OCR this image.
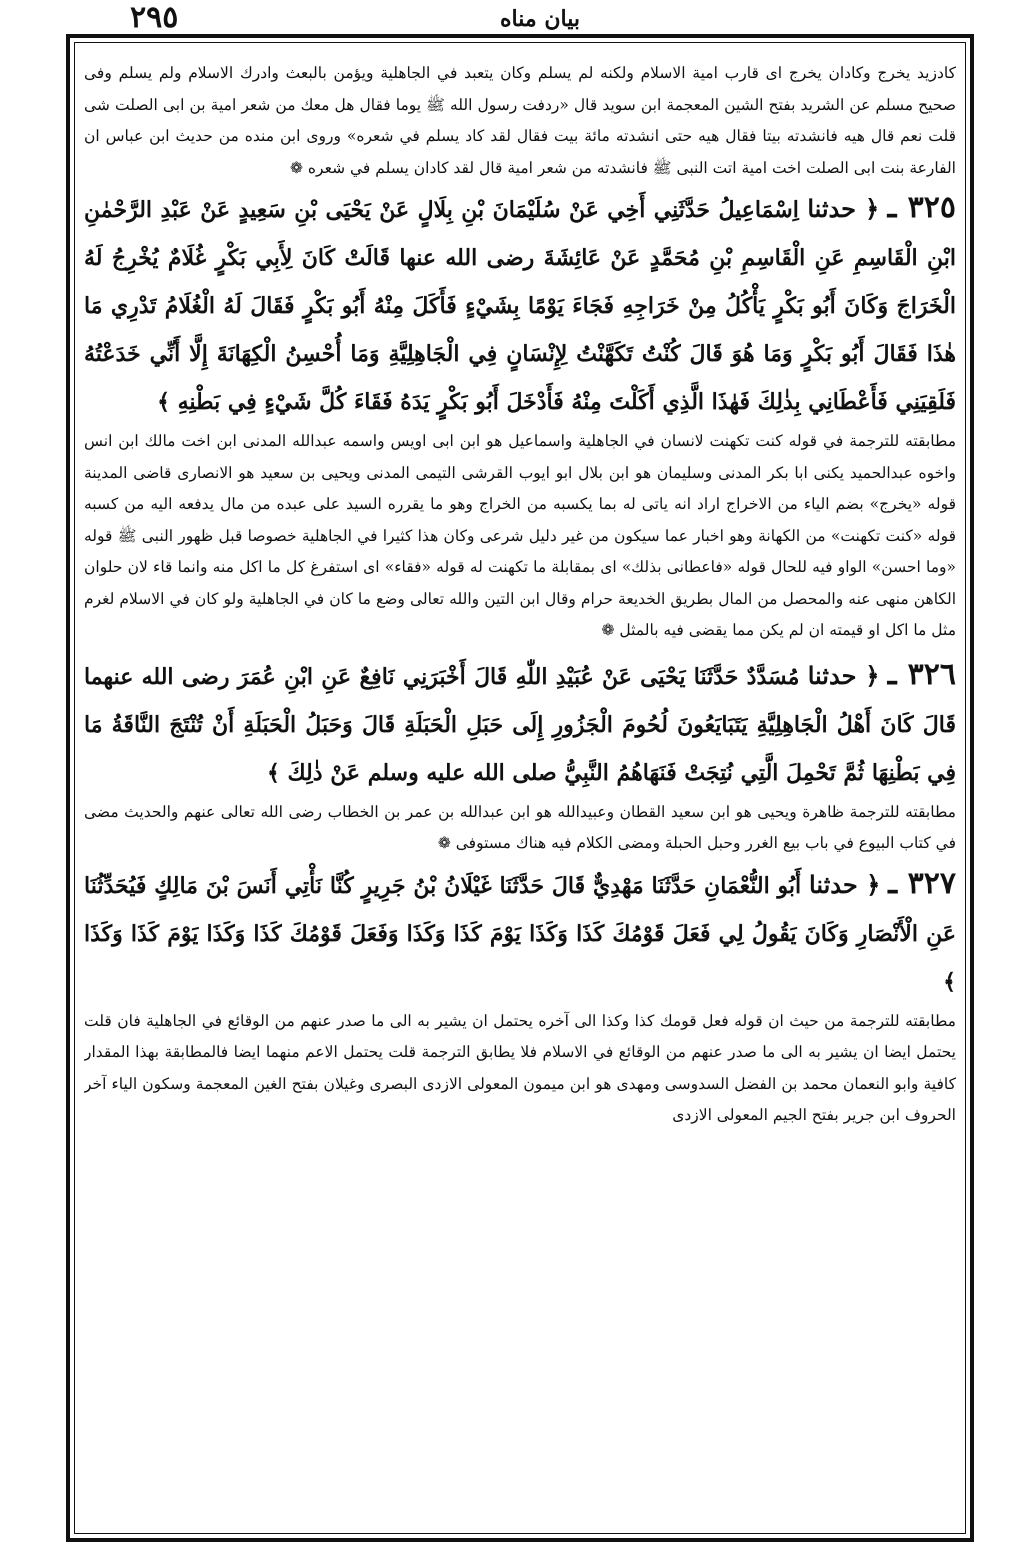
٢٩٥	بیان مناه

كادزيد يخرج وكادان يخرج اى قارب امية الاسلام ولكنه لم يسلم وكان يتعبد في الجاهلية ويؤمن بالبعث وادرك الاسلام ولم يسلم وفى صحيح مسلم عن الشريد بفتح الشين المعجمة ابن سويد قال «ردفت رسول الله ﷺ يوما فقال هل معك من شعر امية بن ابى الصلت شى قلت نعم قال هيه فانشدته بيتا فقال هيه حتى انشدته مائة بيت فقال لقد كاد يسلم في شعره» وروى ابن منده من حديث ابن عباس ان الفارعة بنت ابى الصلت اخت امية اتت النبى ﷺ فانشدته من شعر امية قال لقد كادان يسلم في شعره ❁

٣٢٥ ـ ﴿ حدثنا اِسْمَاعِيلُ حَدَّثَنِي أَخِي عَنْ سُلَيْمَانَ بْنِ بِلَالٍ عَنْ يَحْيَى بْنِ سَعِيدٍ عَنْ عَبْدِ الرَّحْمٰنِ ابْنِ الْقَاسِمِ عَنِ الْقَاسِمِ بْنِ مُحَمَّدٍ عَنْ عَائِشَةَ رضى الله عنها قَالَتْ كَانَ لِأَبِي بَكْرٍ غُلَامٌ يُخْرِجُ لَهُ الْخَرَاجَ وَكَانَ أَبُو بَكْرٍ يَأْكُلُ مِنْ خَرَاجِهِ فَجَاءَ يَوْمًا بِشَيْءٍ فَأَكَلَ مِنْهُ أَبُو بَكْرٍ فَقَالَ لَهُ الْغُلَامُ تَدْرِي مَا هٰذَا فَقَالَ أَبُو بَكْرٍ وَمَا هُوَ قَالَ كُنْتُ تَكَهَّنْتُ لِإِنْسَانٍ فِي الْجَاهِلِيَّةِ وَمَا أُحْسِنُ الْكِهَانَةَ إِلَّا أَنِّي خَدَعْتُهُ فَلَقِيَنِي فَأَعْطَانِي بِذٰلِكَ فَهٰذَا الَّذِي أَكَلْتَ مِنْهُ فَأَدْخَلَ أَبُو بَكْرٍ يَدَهُ فَقَاءَ كُلَّ شَيْءٍ فِي بَطْنِهِ ﴾

مطابقته للترجمة في قوله كنت تكهنت لانسان في الجاهلية واسماعيل هو ابن ابى اويس واسمه عبدالله المدنى ابن اخت مالك ابن انس واخوه عبدالحميد يكنى ابا بكر المدنى وسليمان هو ابن بلال ابو ايوب القرشى التيمى المدنى ويحيى بن سعيد هو الانصارى قاضى المدينة قوله «يخرج» بضم الياء من الاخراج اراد انه ياتى له بما يكسبه من الخراج وهو ما يقرره السيد على عبده من مال يدفعه اليه من كسبه قوله «كنت تكهنت» من الكهانة وهو اخبار عما سيكون من غير دليل شرعى وكان هذا كثيرا في الجاهلية خصوصا قبل ظهور النبى ﷺ قوله «وما احسن» الواو فيه للحال قوله «فاعطانى بذلك» اى بمقابلة ما تكهنت له قوله «فقاء» اى استفرغ كل ما اكل منه وانما قاء لان حلوان الكاهن منهى عنه والمحصل من المال بطريق الخديعة حرام وقال ابن التين والله تعالى وضع ما كان في الجاهلية ولو كان في الاسلام لغرم مثل ما اكل او قيمته ان لم يكن مما يقضى فيه بالمثل ❁

٣٢٦ ـ ﴿ حدثنا مُسَدَّدٌ حَدَّثَنَا يَحْيَى عَنْ عُبَيْدِ اللّٰهِ قَالَ أَخْبَرَنِي نَافِعٌ عَنِ ابْنِ عُمَرَ رضى الله عنهما قَالَ كَانَ أَهْلُ الْجَاهِلِيَّةِ يَتَبَايَعُونَ لُحُومَ الْجَزُورِ إِلَى حَبَلِ الْحَبَلَةِ قَالَ وَحَبَلُ الْحَبَلَةِ أَنْ تُنْتَجَ النَّاقَةُ مَا فِي بَطْنِهَا ثُمَّ تَحْمِلَ الَّتِي نُتِجَتْ فَنَهَاهُمُ النَّبِيُّ صلى الله عليه وسلم عَنْ ذٰلِكَ ﴾

مطابقته للترجمة ظاهرة ويحيى هو ابن سعيد القطان وعبيدالله هو ابن عبدالله بن عمر بن الخطاب رضى الله تعالى عنهم والحديث مضى في كتاب البيوع في باب بيع الغرر وحبل الحبلة ومضى الكلام فيه هناك مستوفى ❁

٣٢٧ ـ ﴿ حدثنا أَبُو النُّعْمَانِ حَدَّثَنَا مَهْدِيٌّ قَالَ حَدَّثَنَا غَيْلَانُ بْنُ جَرِيرٍ كُنَّا نَأْتِي أَنَسَ بْنَ مَالِكٍ فَيُحَدِّثُنَا عَنِ الْأَنْصَارِ وَكَانَ يَقُولُ لِي فَعَلَ قَوْمُكَ كَذَا وَكَذَا يَوْمَ كَذَا وَكَذَا وَفَعَلَ قَوْمُكَ كَذَا وَكَذَا يَوْمَ كَذَا وَكَذَا ﴾

مطابقته للترجمة من حيث ان قوله فعل قومك كذا وكذا الى آخره يحتمل ان يشير به الى ما صدر عنهم من الوقائع في الجاهلية فان قلت يحتمل ايضا ان يشير به الى ما صدر عنهم من الوقائع في الاسلام فلا يطابق الترجمة قلت يحتمل الاعم منهما ايضا فالمطابقة بهذا المقدار كافية وابو النعمان محمد بن الفضل السدوسى ومهدى هو ابن ميمون المعولى الازدى البصرى وغيلان بفتح الغين المعجمة وسكون الياء آخر الحروف ابن جرير بفتح الجيم المعولى الازدى
